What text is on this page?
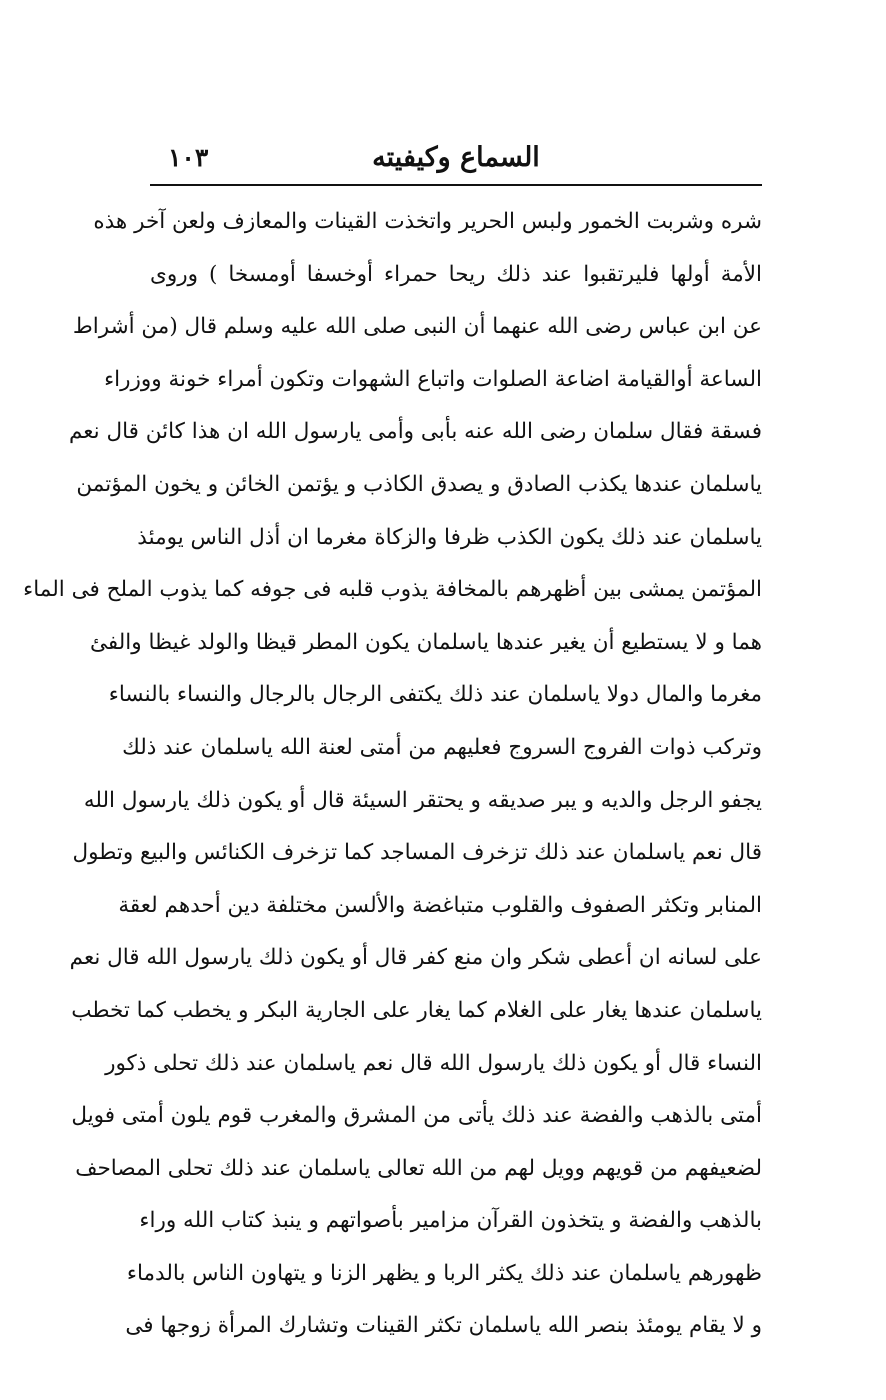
السماع وكيفيته
١٠٣
شره وشربت الخمور ولبس الحرير واتخذت القينات والمعازف ولعن آخر هذه
الأمة أولها فليرتقبوا عند ذلك ريحا حمراء أوخسفا أومسخا ) وروى
عن ابن عباس رضى الله عنهما أن النبى صلى الله عليه وسلم قال (من أشراط
الساعة أوالقيامة اضاعة الصلوات واتباع الشهوات وتكون أمراء خونة ووزراء
فسقة فقال سلمان رضى الله عنه بأبى وأمى يارسول الله ان هذا كائن قال نعم
ياسلمان عندها يكذب الصادق و يصدق الكاذب و يؤتمن الخائن و يخون المؤتمن
ياسلمان عند ذلك يكون الكذب ظرفا والزكاة مغرما ان أذل الناس يومئذ
المؤتمن يمشى بين أظهرهم بالمخافة يذوب قلبه فى جوفه كما يذوب الملح فى الماء
هما و لا يستطيع أن يغير عندها ياسلمان يكون المطر قيظا والولد غيظا والفئ
مغرما والمال دولا ياسلمان عند ذلك يكتفى الرجال بالرجال والنساء بالنساء
وتركب ذوات الفروج السروج فعليهم من أمتى لعنة الله ياسلمان عند ذلك
يجفو الرجل والديه و يبر صديقه و يحتقر السيئة قال أو يكون ذلك يارسول الله
قال نعم ياسلمان عند ذلك تزخرف المساجد كما تزخرف الكنائس والبيع وتطول
المنابر وتكثر الصفوف والقلوب متباغضة والألسن مختلفة دين أحدهم لعقة
على لسانه ان أعطى شكر وان منع كفر قال أو يكون ذلك يارسول الله قال نعم
ياسلمان عندها يغار على الغلام كما يغار على الجارية البكر و يخطب كما تخطب
النساء قال أو يكون ذلك يارسول الله قال نعم ياسلمان عند ذلك تحلى ذكور
أمتى بالذهب والفضة عند ذلك يأتى من المشرق والمغرب قوم يلون أمتى فويل
لضعيفهم من قويهم وويل لهم من الله تعالى ياسلمان عند ذلك تحلى المصاحف
بالذهب والفضة و يتخذون القرآن مزامير بأصواتهم و ينبذ كتاب الله وراء
ظهورهم ياسلمان عند ذلك يكثر الربا و يظهر الزنا و يتهاون الناس بالدماء
و لا يقام يومئذ بنصر الله ياسلمان تكثر القينات وتشارك المرأة زوجها فى
